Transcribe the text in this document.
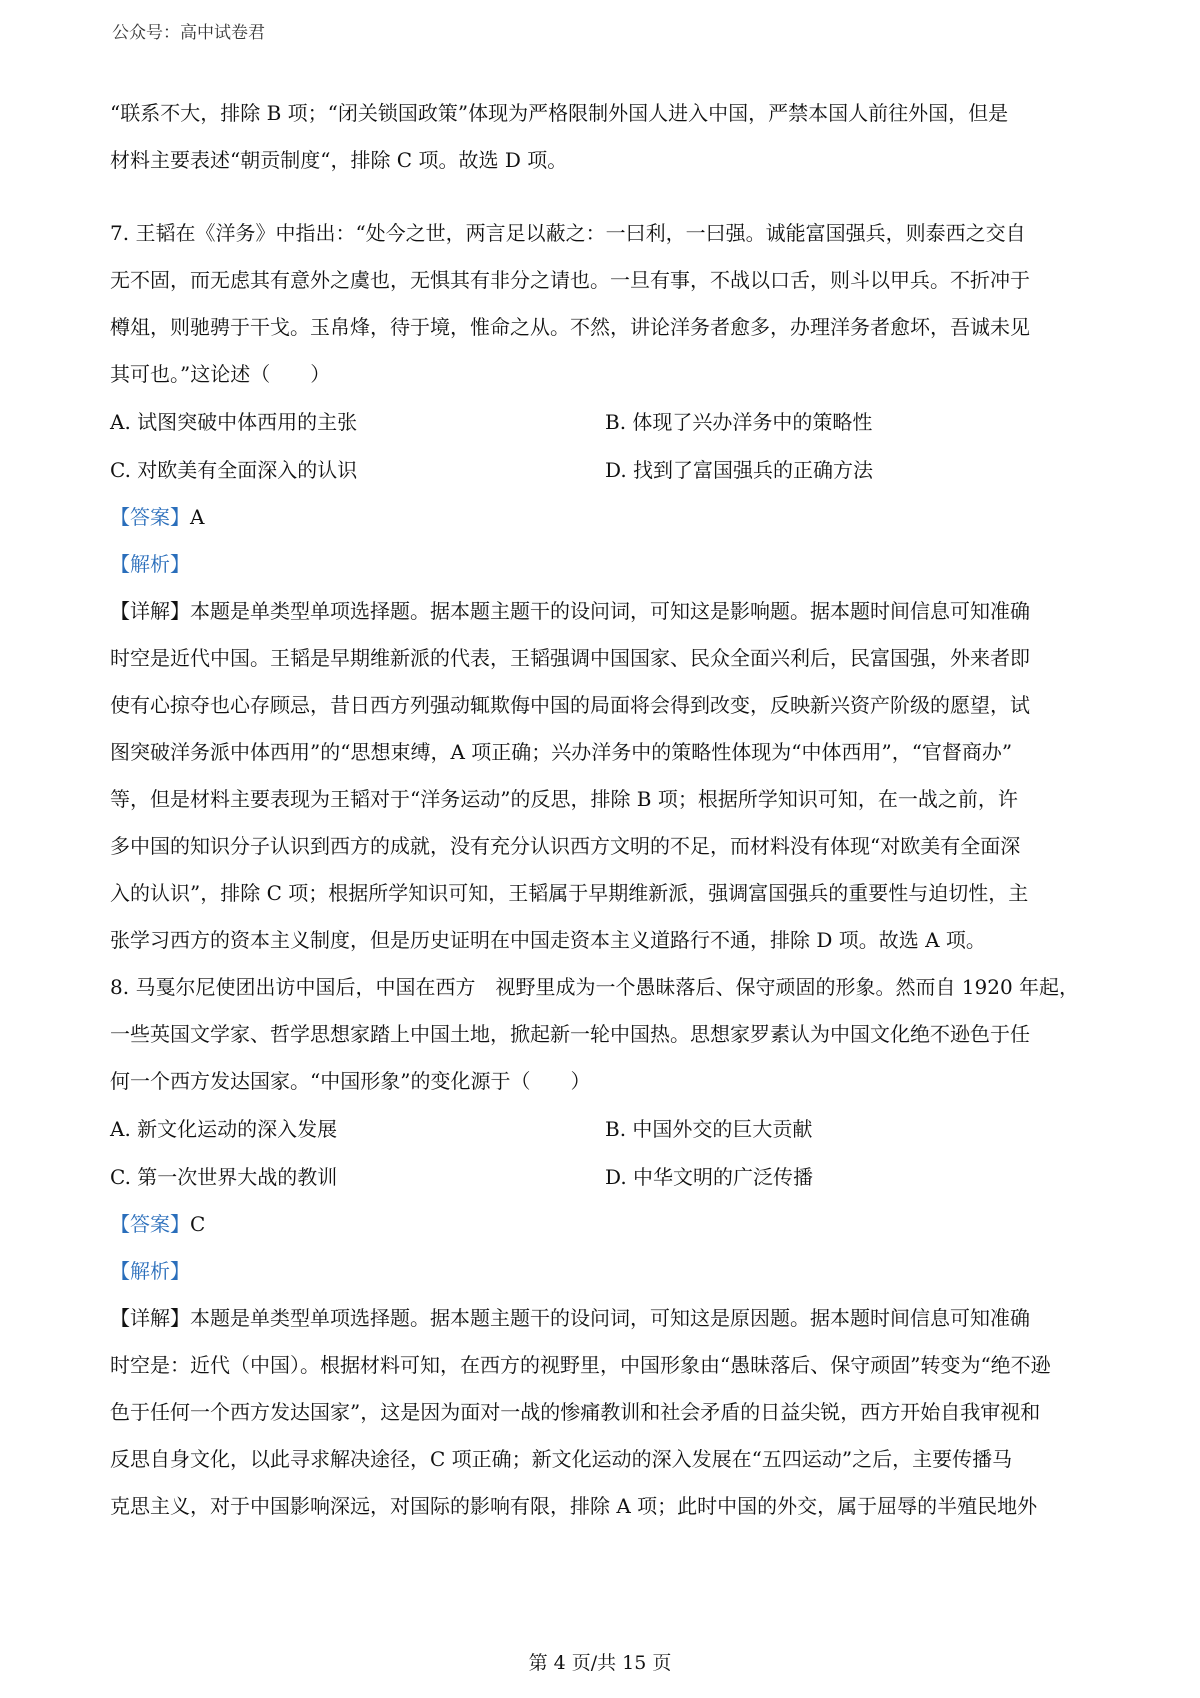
公众号：高中试卷君

“联系不大，排除 B 项；“闭关锁国政策”体现为严格限制外国人进入中国，严禁本国人前往外国，但是

材料主要表述“朝贡制度“，排除 C 项。故选 D 项。

7. 王韬在《洋务》中指出：“处今之世，两言足以蔽之：一曰利，一曰强。诚能富国强兵，则泰西之交自

无不固，而无虑其有意外之虞也，无惧其有非分之请也。一旦有事，不战以口舌，则斗以甲兵。不折冲于

樽俎，则驰骋于干戈。玉帛烽，待于境，惟命之从。不然，讲论洋务者愈多，办理洋务者愈坏，吾诚未见

其可也。”这论述（　　）

A. 试图突破中体西用的主张	B. 体现了兴办洋务中的策略性
C. 对欧美有全面深入的认识	D. 找到了富国强兵的正确方法

【答案】A

【解析】

【详解】本题是单类型单项选择题。据本题主题干的设问词，可知这是影响题。据本题时间信息可知准确

时空是近代中国。王韬是早期维新派的代表，王韬强调中国国家、民众全面兴利后，民富国强，外来者即

使有心掠夺也心存顾忌，昔日西方列强动辄欺侮中国的局面将会得到改变，反映新兴资产阶级的愿望，试

图突破洋务派中体西用”的“思想束缚，A 项正确；兴办洋务中的策略性体现为“中体西用”，“官督商办”

等，但是材料主要表现为王韬对于“洋务运动”的反思，排除 B 项；根据所学知识可知，在一战之前，许

多中国的知识分子认识到西方的成就，没有充分认识西方文明的不足，而材料没有体现“对欧美有全面深

入的认识”，排除 C 项；根据所学知识可知，王韬属于早期维新派，强调富国强兵的重要性与迫切性，主

张学习西方的资本主义制度，但是历史证明在中国走资本主义道路行不通，排除 D 项。故选 A 项。

8. 马戛尔尼使团出访中国后，中国在西方　视野里成为一个愚昧落后、保守顽固的形象。然而自 1920 年起，

一些英国文学家、哲学思想家踏上中国土地，掀起新一轮中国热。思想家罗素认为中国文化绝不逊色于任

何一个西方发达国家。“中国形象”的变化源于（　　）

A. 新文化运动的深入发展	B. 中国外交的巨大贡献
C. 第一次世界大战的教训	D. 中华文明的广泛传播

【答案】C

【解析】

【详解】本题是单类型单项选择题。据本题主题干的设问词，可知这是原因题。据本题时间信息可知准确

时空是：近代（中国）。根据材料可知，在西方的视野里，中国形象由“愚昧落后、保守顽固”转变为“绝不逊

色于任何一个西方发达国家”，这是因为面对一战的惨痛教训和社会矛盾的日益尖锐，西方开始自我审视和

反思自身文化，以此寻求解决途径，C 项正确；新文化运动的深入发展在“五四运动”之后，主要传播马

克思主义，对于中国影响深远，对国际的影响有限，排除 A 项；此时中国的外交，属于屈辱的半殖民地外

第 4 页/共 15 页
